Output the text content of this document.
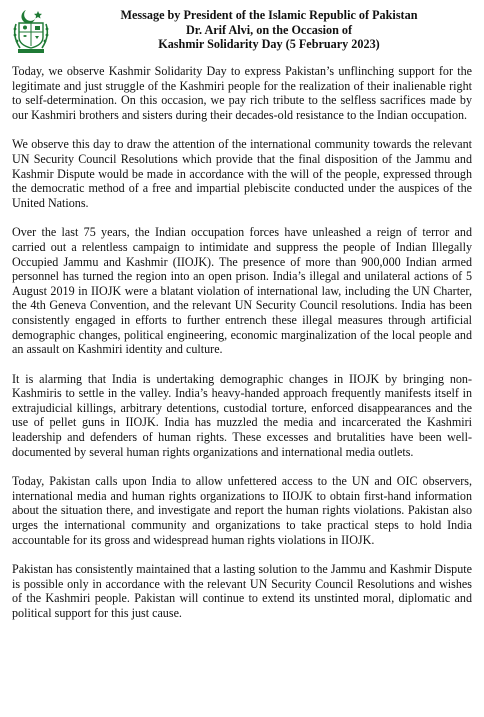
Message by President of the Islamic Republic of Pakistan
Dr. Arif Alvi, on the Occasion of
Kashmir Solidarity Day (5 February 2023)

Today, we observe Kashmir Solidarity Day to express Pakistan’s unflinching support for the legitimate and just struggle of the Kashmiri people for the realization of their inalienable right to self-determination. On this occasion, we pay rich tribute to the selfless sacrifices made by our Kashmiri brothers and sisters during their decades-old resistance to the Indian occupation.

We observe this day to draw the attention of the international community towards the relevant UN Security Council Resolutions which provide that the final disposition of the Jammu and Kashmir Dispute would be made in accordance with the will of the people, expressed through the democratic method of a free and impartial plebiscite conducted under the auspices of the United Nations.

Over the last 75 years, the Indian occupation forces have unleashed a reign of terror and carried out a relentless campaign to intimidate and suppress the people of Indian Illegally Occupied Jammu and Kashmir (IIOJK). The presence of more than 900,000 Indian armed personnel has turned the region into an open prison. India’s illegal and unilateral actions of 5 August 2019 in IIOJK were a blatant violation of international law, including the UN Charter, the 4th Geneva Convention, and the relevant UN Security Council resolutions. India has been consistently engaged in efforts to further entrench these illegal measures through artificial demographic changes, political engineering, economic marginalization of the local people and an assault on Kashmiri identity and culture.

It is alarming that India is undertaking demographic changes in IIOJK by bringing non-Kashmiris to settle in the valley. India’s heavy-handed approach frequently manifests itself in extrajudicial killings, arbitrary detentions, custodial torture, enforced disappearances and the use of pellet guns in IIOJK. India has muzzled the media and incarcerated the Kashmiri leadership and defenders of human rights. These excesses and brutalities have been well-documented by several human rights organizations and international media outlets.

Today, Pakistan calls upon India to allow unfettered access to the UN and OIC observers, international media and human rights organizations to IIOJK to obtain first-hand information about the situation there, and investigate and report the human rights violations. Pakistan also urges the international community and organizations to take practical steps to hold India accountable for its gross and widespread human rights violations in IIOJK.

Pakistan has consistently maintained that a lasting solution to the Jammu and Kashmir Dispute is possible only in accordance with the relevant UN Security Council Resolutions and wishes of the Kashmiri people. Pakistan will continue to extend its unstinted moral, diplomatic and political support for this just cause.
